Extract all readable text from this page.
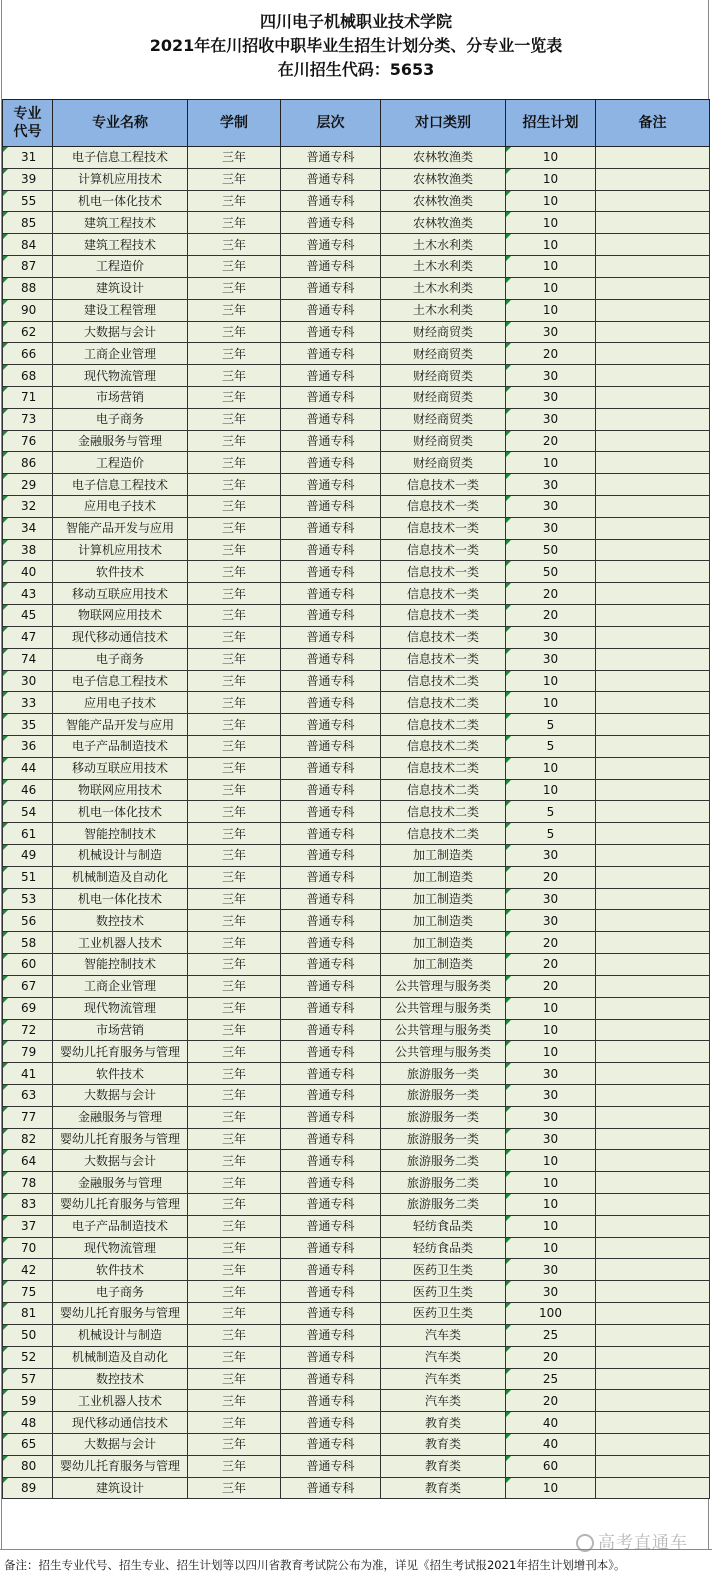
四川电子机械职业技术学院
2021年在川招收中职毕业生招生计划分类、分专业一览表
在川招生代码：5653
专业代号	专业名称	学制	层次	对口类别	招生计划	备注
31	电子信息工程技术	三年	普通专科	农林牧渔类	10	
39	计算机应用技术	三年	普通专科	农林牧渔类	10	
55	机电一体化技术	三年	普通专科	农林牧渔类	10	
85	建筑工程技术	三年	普通专科	农林牧渔类	10	
84	建筑工程技术	三年	普通专科	土木水利类	10	
87	工程造价	三年	普通专科	土木水利类	10	
88	建筑设计	三年	普通专科	土木水利类	10	
90	建设工程管理	三年	普通专科	土木水利类	10	
62	大数据与会计	三年	普通专科	财经商贸类	30	
66	工商企业管理	三年	普通专科	财经商贸类	20	
68	现代物流管理	三年	普通专科	财经商贸类	30	
71	市场营销	三年	普通专科	财经商贸类	30	
73	电子商务	三年	普通专科	财经商贸类	30	
76	金融服务与管理	三年	普通专科	财经商贸类	20	
86	工程造价	三年	普通专科	财经商贸类	10	
29	电子信息工程技术	三年	普通专科	信息技术一类	30	
32	应用电子技术	三年	普通专科	信息技术一类	30	
34	智能产品开发与应用	三年	普通专科	信息技术一类	30	
38	计算机应用技术	三年	普通专科	信息技术一类	50	
40	软件技术	三年	普通专科	信息技术一类	50	
43	移动互联应用技术	三年	普通专科	信息技术一类	20	
45	物联网应用技术	三年	普通专科	信息技术一类	20	
47	现代移动通信技术	三年	普通专科	信息技术一类	30	
74	电子商务	三年	普通专科	信息技术一类	30	
30	电子信息工程技术	三年	普通专科	信息技术二类	10	
33	应用电子技术	三年	普通专科	信息技术二类	10	
35	智能产品开发与应用	三年	普通专科	信息技术二类	5	
36	电子产品制造技术	三年	普通专科	信息技术二类	5	
44	移动互联应用技术	三年	普通专科	信息技术二类	10	
46	物联网应用技术	三年	普通专科	信息技术二类	10	
54	机电一体化技术	三年	普通专科	信息技术二类	5	
61	智能控制技术	三年	普通专科	信息技术二类	5	
49	机械设计与制造	三年	普通专科	加工制造类	30	
51	机械制造及自动化	三年	普通专科	加工制造类	20	
53	机电一体化技术	三年	普通专科	加工制造类	30	
56	数控技术	三年	普通专科	加工制造类	30	
58	工业机器人技术	三年	普通专科	加工制造类	20	
60	智能控制技术	三年	普通专科	加工制造类	20	
67	工商企业管理	三年	普通专科	公共管理与服务类	20	
69	现代物流管理	三年	普通专科	公共管理与服务类	10	
72	市场营销	三年	普通专科	公共管理与服务类	10	
79	婴幼儿托育服务与管理	三年	普通专科	公共管理与服务类	10	
41	软件技术	三年	普通专科	旅游服务一类	30	
63	大数据与会计	三年	普通专科	旅游服务一类	30	
77	金融服务与管理	三年	普通专科	旅游服务一类	30	
82	婴幼儿托育服务与管理	三年	普通专科	旅游服务一类	30	
64	大数据与会计	三年	普通专科	旅游服务二类	10	
78	金融服务与管理	三年	普通专科	旅游服务二类	10	
83	婴幼儿托育服务与管理	三年	普通专科	旅游服务二类	10	
37	电子产品制造技术	三年	普通专科	轻纺食品类	10	
70	现代物流管理	三年	普通专科	轻纺食品类	10	
42	软件技术	三年	普通专科	医药卫生类	30	
75	电子商务	三年	普通专科	医药卫生类	30	
81	婴幼儿托育服务与管理	三年	普通专科	医药卫生类	100	
50	机械设计与制造	三年	普通专科	汽车类	25	
52	机械制造及自动化	三年	普通专科	汽车类	20	
57	数控技术	三年	普通专科	汽车类	25	
59	工业机器人技术	三年	普通专科	汽车类	20	
48	现代移动通信技术	三年	普通专科	教育类	40	
65	大数据与会计	三年	普通专科	教育类	40	
80	婴幼儿托育服务与管理	三年	普通专科	教育类	60	
89	建筑设计	三年	普通专科	教育类	10	
备注：招生专业代号、招生专业、招生计划等以四川省教育考试院公布为准，详见《招生考试报2021年招生计划增刊本》。
高考直通车
